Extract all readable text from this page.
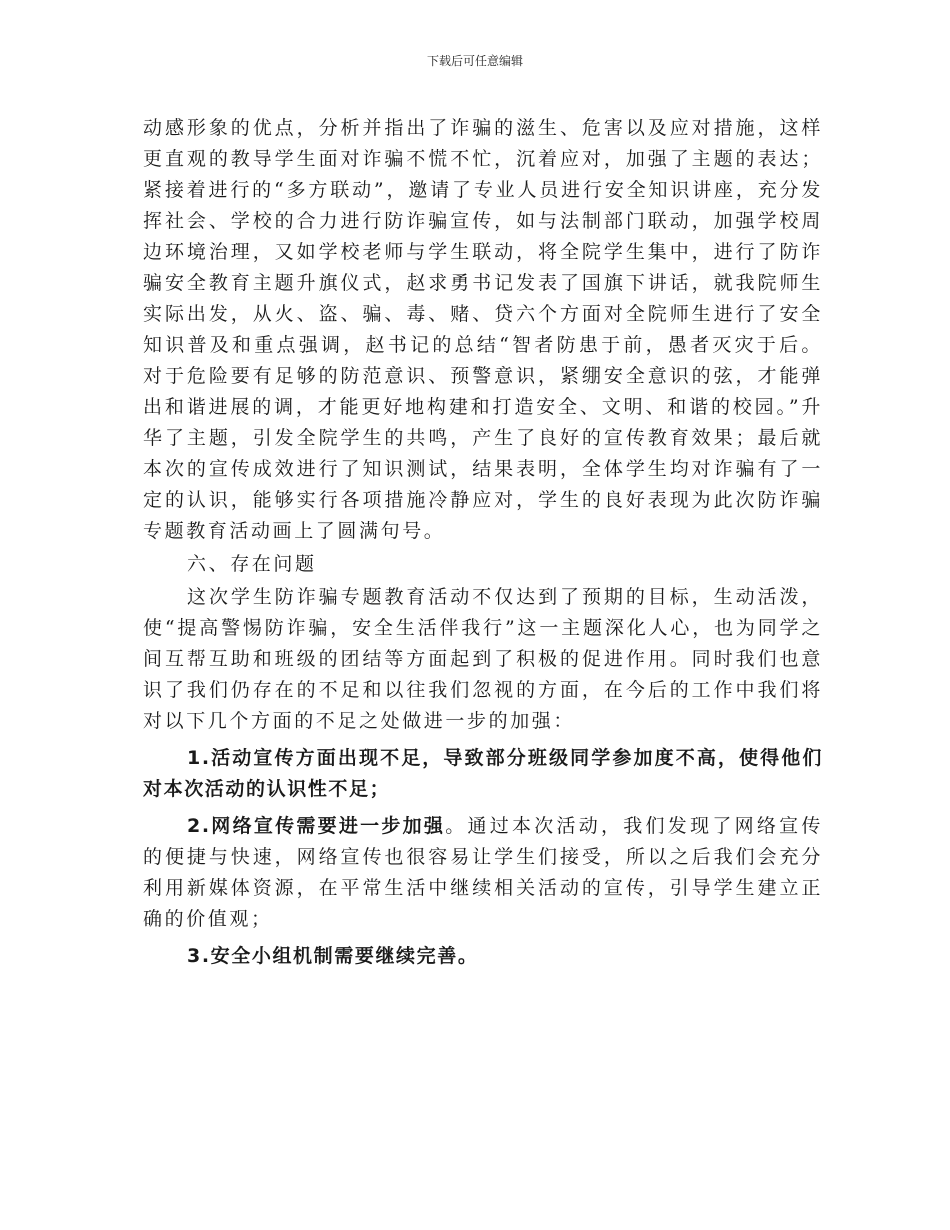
下载后可任意编辑

动感形象的优点，分析并指出了诈骗的滋生、危害以及应对措施，这样更直观的教导学生面对诈骗不慌不忙，沉着应对，加强了主题的表达；紧接着进行的“多方联动”，邀请了专业人员进行安全知识讲座，充分发挥社会、学校的合力进行防诈骗宣传，如与法制部门联动，加强学校周边环境治理，又如学校老师与学生联动，将全院学生集中，进行了防诈骗安全教育主题升旗仪式，赵求勇书记发表了国旗下讲话，就我院师生实际出发，从火、盗、骗、毒、赌、贷六个方面对全院师生进行了安全知识普及和重点强调，赵书记的总结“智者防患于前，愚者灭灾于后。对于危险要有足够的防范意识、预警意识，紧绷安全意识的弦，才能弹出和谐进展的调，才能更好地构建和打造安全、文明、和谐的校园。”升华了主题，引发全院学生的共鸣，产生了良好的宣传教育效果；最后就本次的宣传成效进行了知识测试，结果表明，全体学生均对诈骗有了一定的认识，能够实行各项措施冷静应对，学生的良好表现为此次防诈骗专题教育活动画上了圆满句号。

六、存在问题

这次学生防诈骗专题教育活动不仅达到了预期的目标，生动活泼，使“提高警惕防诈骗，安全生活伴我行”这一主题深化人心，也为同学之间互帮互助和班级的团结等方面起到了积极的促进作用。同时我们也意识了我们仍存在的不足和以往我们忽视的方面，在今后的工作中我们将对以下几个方面的不足之处做进一步的加强：

1.活动宣传方面出现不足，导致部分班级同学参加度不高，使得他们对本次活动的认识性不足；

2.网络宣传需要进一步加强。通过本次活动，我们发现了网络宣传的便捷与快速，网络宣传也很容易让学生们接受，所以之后我们会充分利用新媒体资源，在平常生活中继续相关活动的宣传，引导学生建立正确的价值观；

3.安全小组机制需要继续完善。
